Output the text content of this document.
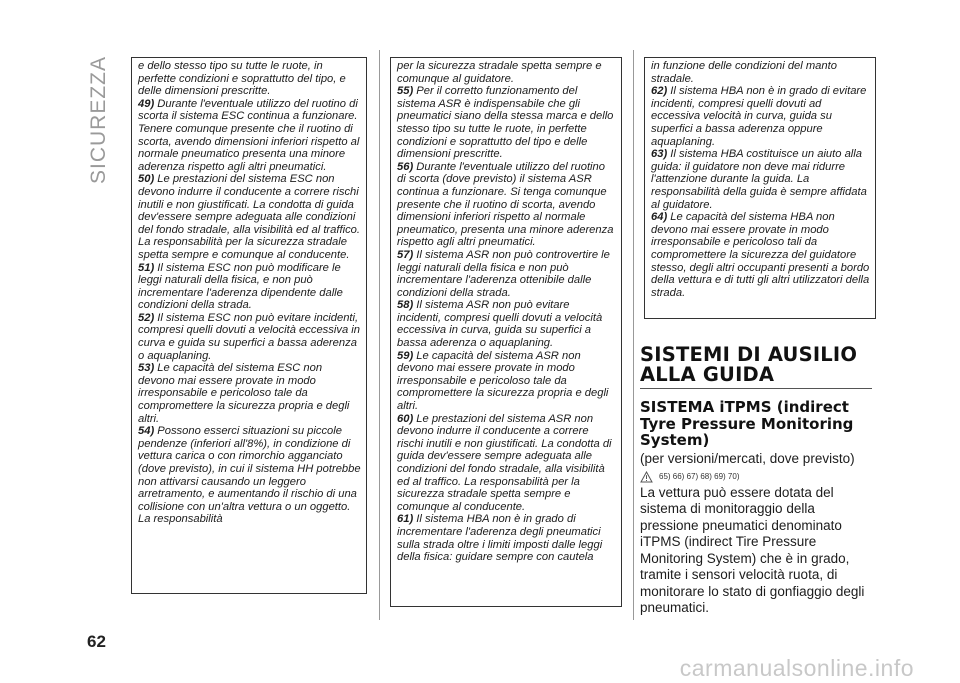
SICUREZZA
62

e dello stesso tipo su tutte le ruote, in perfette condizioni e soprattutto del tipo, e delle dimensioni prescritte.

49) Durante l'eventuale utilizzo del ruotino di scorta il sistema ESC continua a funzionare. Tenere comunque presente che il ruotino di scorta, avendo dimensioni inferiori rispetto al normale pneumatico presenta una minore aderenza rispetto agli altri pneumatici.

50) Le prestazioni del sistema ESC non devono indurre il conducente a correre rischi inutili e non giustificati. La condotta di guida dev'essere sempre adeguata alle condizioni del fondo stradale, alla visibilità ed al traffico. La responsabilità per la sicurezza stradale spetta sempre e comunque al conducente.

51) Il sistema ESC non può modificare le leggi naturali della fisica, e non può incrementare l'aderenza dipendente dalle condizioni della strada.

52) Il sistema ESC non può evitare incidenti, compresi quelli dovuti a velocità eccessiva in curva e guida su superfici a bassa aderenza o aquaplaning.

53) Le capacità del sistema ESC non devono mai essere provate in modo irresponsabile e pericoloso tale da compromettere la sicurezza propria e degli altri.

54) Possono esserci situazioni su piccole pendenze (inferiori all'8%), in condizione di vettura carica o con rimorchio agganciato (dove previsto), in cui il sistema HH potrebbe non attivarsi causando un leggero arretramento, e aumentando il rischio di una collisione con un'altra vettura o un oggetto. La responsabilità

per la sicurezza stradale spetta sempre e comunque al guidatore.

55) Per il corretto funzionamento del sistema ASR è indispensabile che gli pneumatici siano della stessa marca e dello stesso tipo su tutte le ruote, in perfette condizioni e soprattutto del tipo e delle dimensioni prescritte.

56) Durante l'eventuale utilizzo del ruotino di scorta (dove previsto) il sistema ASR continua a funzionare. Si tenga comunque presente che il ruotino di scorta, avendo dimensioni inferiori rispetto al normale pneumatico, presenta una minore aderenza rispetto agli altri pneumatici.

57) Il sistema ASR non può controvertire le leggi naturali della fisica e non può incrementare l'aderenza ottenibile dalle condizioni della strada.

58) Il sistema ASR non può evitare incidenti, compresi quelli dovuti a velocità eccessiva in curva, guida su superfici a bassa aderenza o aquaplaning.

59) Le capacità del sistema ASR non devono mai essere provate in modo irresponsabile e pericoloso tale da compromettere la sicurezza propria e degli altri.

60) Le prestazioni del sistema ASR non devono indurre il conducente a correre rischi inutili e non giustificati. La condotta di guida dev'essere sempre adeguata alle condizioni del fondo stradale, alla visibilità ed al traffico. La responsabilità per la sicurezza stradale spetta sempre e comunque al conducente.

61) Il sistema HBA non è in grado di incrementare l'aderenza degli pneumatici sulla strada oltre i limiti imposti dalle leggi della fisica: guidare sempre con cautela

in funzione delle condizioni del manto stradale.

62) Il sistema HBA non è in grado di evitare incidenti, compresi quelli dovuti ad eccessiva velocità in curva, guida su superfici a bassa aderenza oppure aquaplaning.

63) Il sistema HBA costituisce un aiuto alla guida: il guidatore non deve mai ridurre l'attenzione durante la guida. La responsabilità della guida è sempre affidata al guidatore.

64) Le capacità del sistema HBA non devono mai essere provate in modo irresponsabile e pericoloso tali da compromettere la sicurezza del guidatore stesso, degli altri occupanti presenti a bordo della vettura e di tutti gli altri utilizzatori della strada.

SISTEMI DI AUSILIO ALLA GUIDA
SISTEMA iTPMS (indirect Tyre Pressure Monitoring System)
(per versioni/mercati, dove previsto)
65) 66) 67) 68) 69) 70)
La vettura può essere dotata del sistema di monitoraggio della pressione pneumatici denominato iTPMS (indirect Tire Pressure Monitoring System) che è in grado, tramite i sensori velocità ruota, di monitorare lo stato di gonfiaggio degli pneumatici.
carmanualsonline.info
